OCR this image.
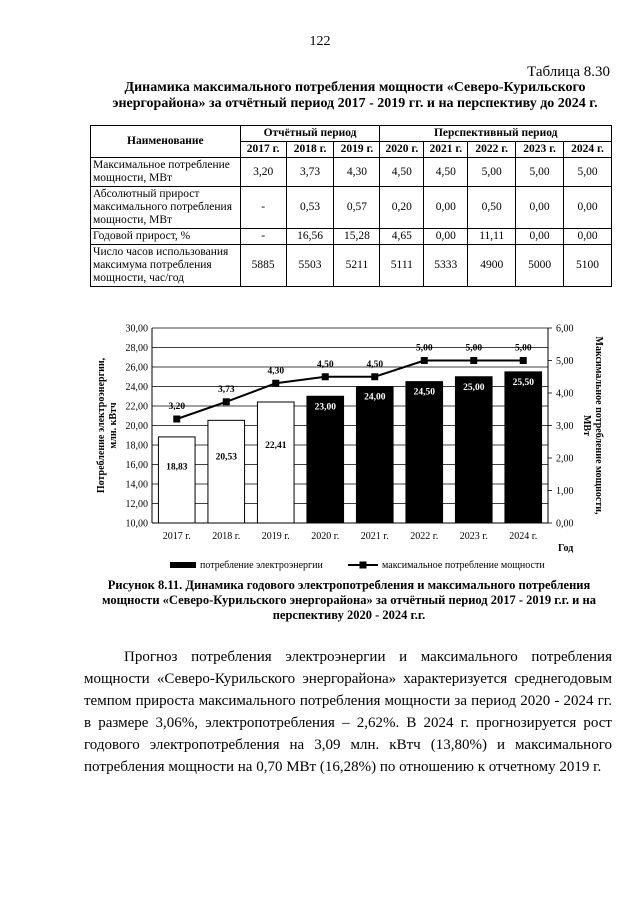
122
Таблица 8.30
Динамика максимального потребления мощности «Северо-Курильского энергорайона» за отчётный период 2017 - 2019 гг. и на перспективу до 2024 г.
Наименование	Отчётный период			Перспективный период				
	2017 г.	2018 г.	2019 г.	2020 г.	2021 г.	2022 г.	2023 г.	2024 г.
Максимальное потребление мощности, МВт	3,20	3,73	4,30	4,50	4,50	5,00	5,00	5,00
Абсолютный прирост максимального потребления мощности, МВт	-	0,53	0,57	0,20	0,00	0,50	0,00	0,00
Годовой прирост, %	-	16,56	15,28	4,65	0,00	11,11	0,00	0,00
Число часов использования максимума потребления мощности, час/год	5885	5503	5211	5111	5333	4900	5000	5100
10,00
12,00
14,00
16,00
18,00
20,00
22,00
24,00
26,00
28,00
30,00
0,00
1,00
2,00
3,00
4,00
5,00
6,00
18,83
20,53
22,41
23,00
24,00	24,50	25,00	25,50
3,20
3,73
4,30
4,50	4,50
5,00	5,00	5,00
2017 г. 2018 г. 2019 г. 2020 г. 2021 г. 2022 г. 2023 г. 2024 г.
Год
Потребление электроэнергии, млн. кВтч	Максимальное потребление мощности,
МВт
потребление электроэнергии	максимальное потребление мощности
Рисунок 8.11. Динамика годового электропотребления и максимального потребления мощности «Северо-Курильского энергорайона» за отчётный период 2017 - 2019 г.г. и на перспективу 2020 - 2024 г.г.

Прогноз потребления электроэнергии и максимального потребления мощности «Северо-Курильского энергорайона» характеризуется среднегодовым темпом прироста максимального потребления мощности за период 2020 - 2024 гг. в размере 3,06%, электропотребления – 2,62%. В 2024 г. прогнозируется рост годового электропотребления на 3,09 млн. кВтч (13,80%) и максимального потребления мощности на 0,70 МВт (16,28%) по отношению к отчетному 2019 г.
